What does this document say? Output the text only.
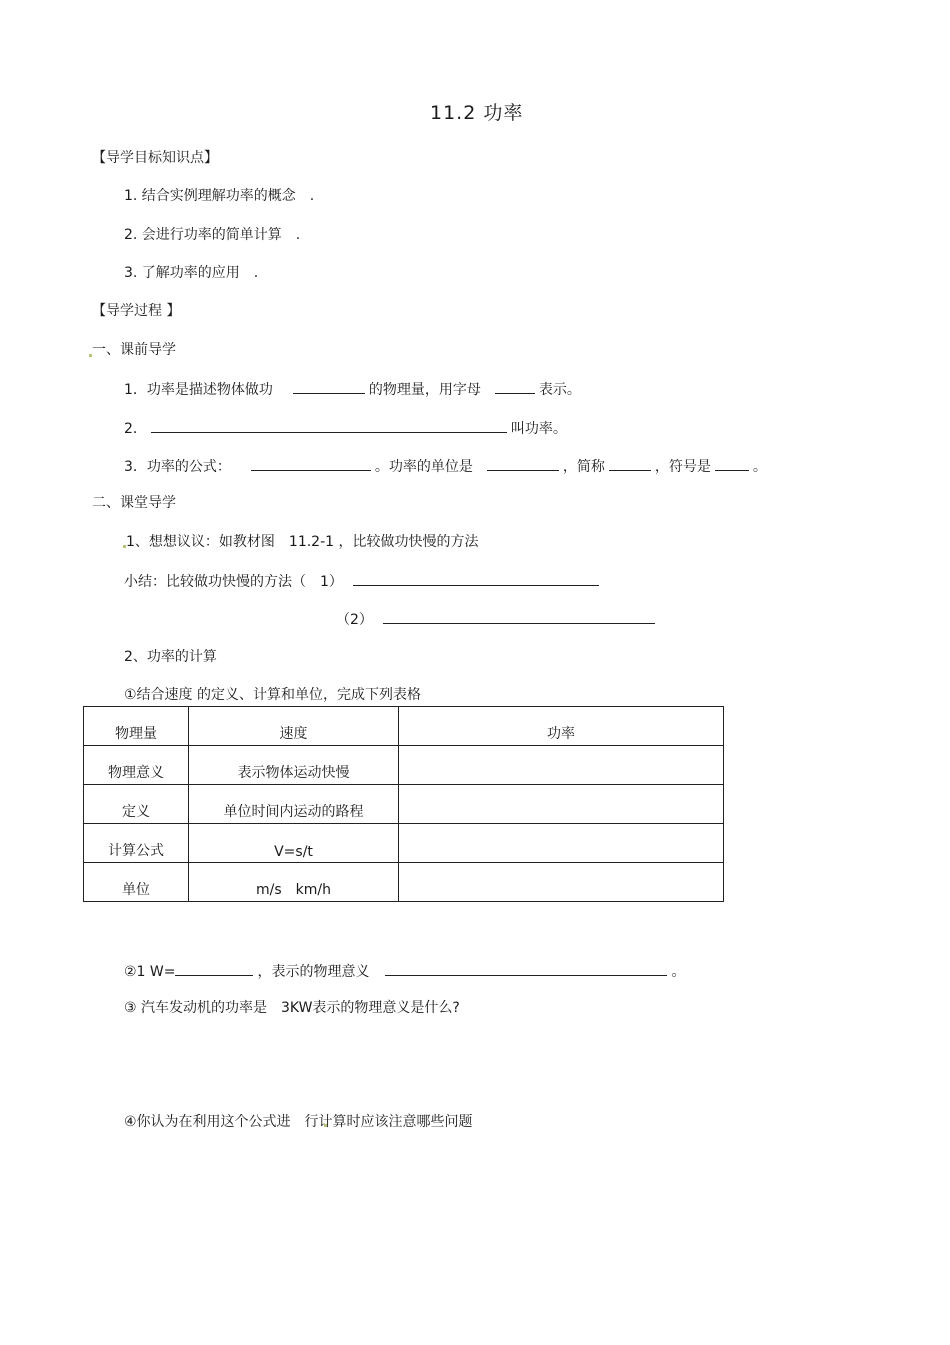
11.2 功率
【导学目标知识点】
1. 结合实例理解功率的概念　.
2. 会进行功率的简单计算　.
3. 了解功率的应用　.
【导学过程 】
一、课前导学
1．功率是描述物体做功	的物理量，用字母	表示。
2．	叫功率。
3．功率的公式：	。功率的单位是	，简称	，符号是	。
二、课堂导学
1、想想议议：如教材图　11.2-1 ，比较做功快慢的方法
小结：比较做功快慢的方法（　1）
（2）
2、功率的计算
①结合速度 的定义、计算和单位，完成下列表格
物理量	速度	功率
物理意义	表示物体运动快慢	
定义	单位时间内运动的路程	
计算公式	V=s/t	
单位	m/s　km/h	
②1 W=	，表示的物理意义	。
③ 汽车发动机的功率是　3KW表示的物理意义是什么?
④你认为在利用这个公式进　行计算时应该注意哪些问题
